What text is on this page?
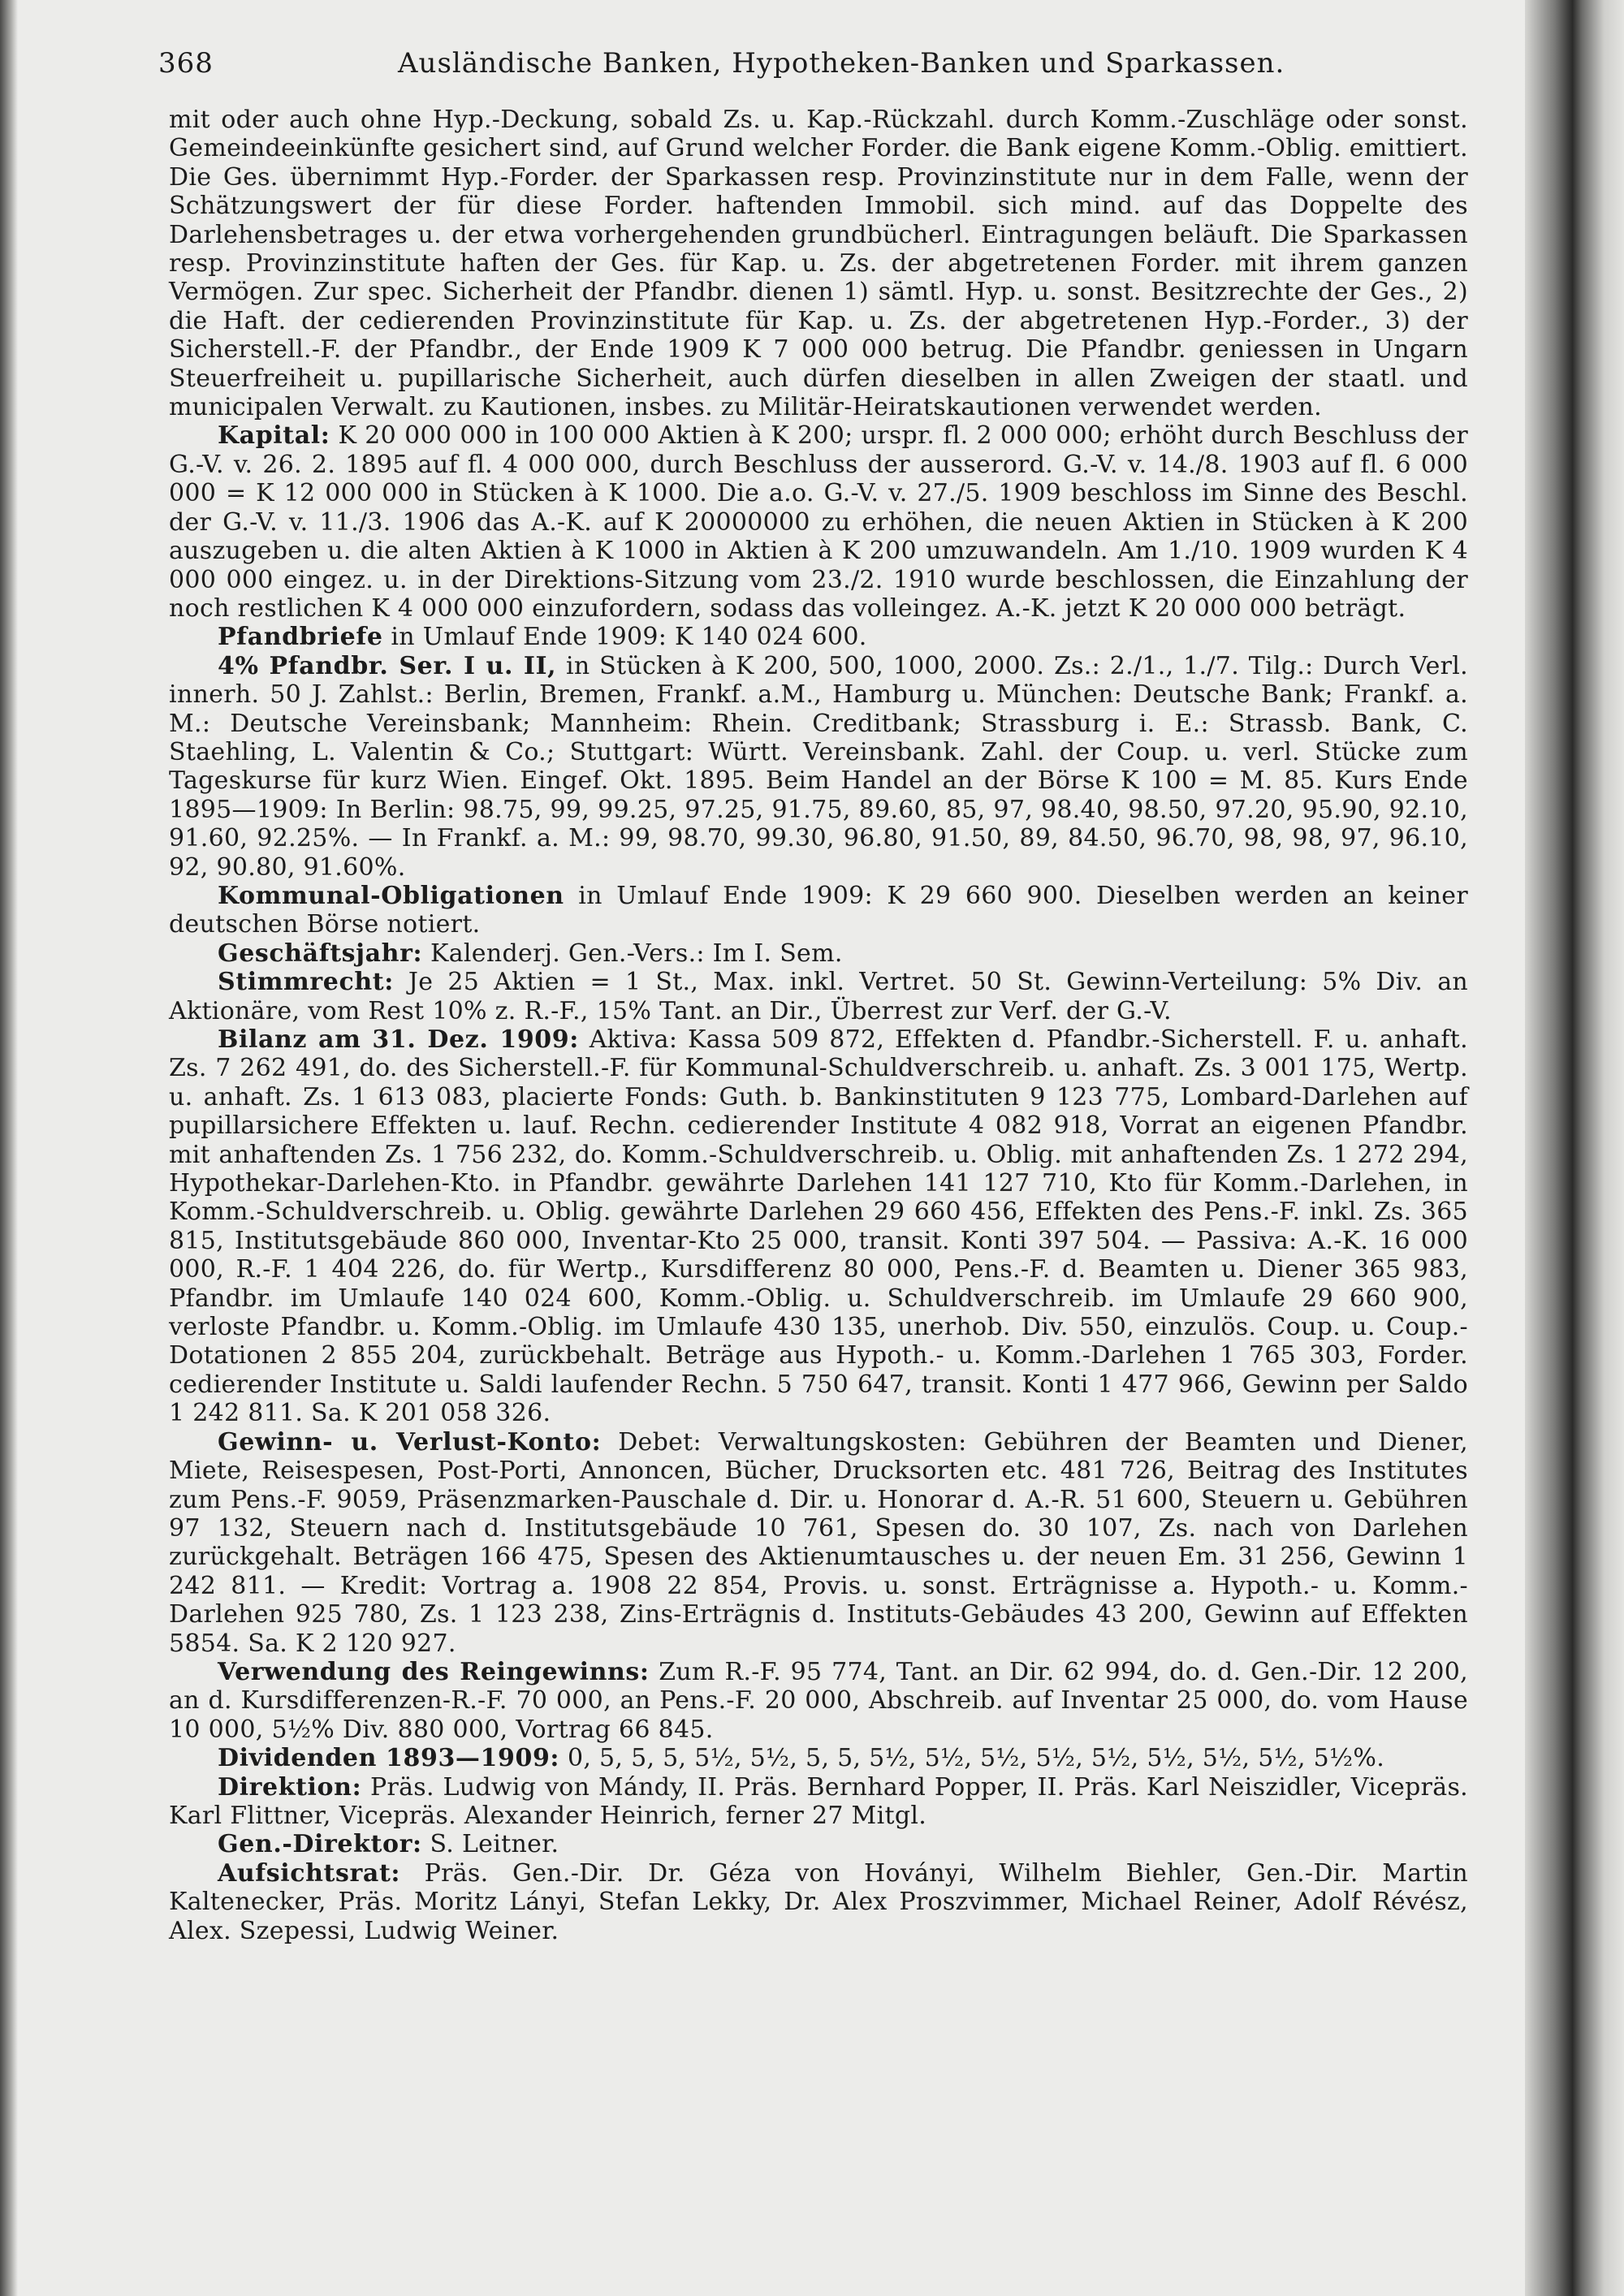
368	Ausländische Banken, Hypotheken-Banken und Sparkassen.

mit oder auch ohne Hyp.-Deckung, sobald Zs. u. Kap.-Rückzahl. durch Komm.-Zuschläge oder sonst. Gemeindeeinkünfte gesichert sind, auf Grund welcher Forder. die Bank eigene Komm.-Oblig. emittiert. Die Ges. übernimmt Hyp.-Forder. der Sparkassen resp. Provinzinstitute nur in dem Falle, wenn der Schätzungswert der für diese Forder. haftenden Immobil. sich mind. auf das Doppelte des Darlehensbetrages u. der etwa vorhergehenden grundbücherl. Eintragungen beläuft. Die Sparkassen resp. Provinzinstitute haften der Ges. für Kap. u. Zs. der abgetretenen Forder. mit ihrem ganzen Vermögen. Zur spec. Sicherheit der Pfandbr. dienen 1) sämtl. Hyp. u. sonst. Besitzrechte der Ges., 2) die Haft. der cedierenden Provinzinstitute für Kap. u. Zs. der abgetretenen Hyp.-Forder., 3) der Sicherstell.-F. der Pfandbr., der Ende 1909 K 7 000 000 betrug. Die Pfandbr. geniessen in Ungarn Steuerfreiheit u. pupillarische Sicherheit, auch dürfen dieselben in allen Zweigen der staatl. und municipalen Verwalt. zu Kautionen, insbes. zu Militär-Heiratskautionen verwendet werden.

Kapital: K 20 000 000 in 100 000 Aktien à K 200; urspr. fl. 2 000 000; erhöht durch Beschluss der G.-V. v. 26. 2. 1895 auf fl. 4 000 000, durch Beschluss der ausserord. G.-V. v. 14./8. 1903 auf fl. 6 000 000 = K 12 000 000 in Stücken à K 1000. Die a.o. G.-V. v. 27./5. 1909 beschloss im Sinne des Beschl. der G.-V. v. 11./3. 1906 das A.-K. auf K 20000000 zu erhöhen, die neuen Aktien in Stücken à K 200 auszugeben u. die alten Aktien à K 1000 in Aktien à K 200 umzuwandeln. Am 1./10. 1909 wurden K 4 000 000 eingez. u. in der Direktions-Sitzung vom 23./2. 1910 wurde beschlossen, die Einzahlung der noch restlichen K 4 000 000 einzufordern, sodass das volleingez. A.-K. jetzt K 20 000 000 beträgt.

Pfandbriefe in Umlauf Ende 1909: K 140 024 600.

4% Pfandbr. Ser. I u. II, in Stücken à K 200, 500, 1000, 2000. Zs.: 2./1., 1./7. Tilg.: Durch Verl. innerh. 50 J. Zahlst.: Berlin, Bremen, Frankf. a.M., Hamburg u. München: Deutsche Bank; Frankf. a. M.: Deutsche Vereinsbank; Mannheim: Rhein. Creditbank; Strassburg i. E.: Strassb. Bank, C. Staehling, L. Valentin & Co.; Stuttgart: Württ. Vereinsbank. Zahl. der Coup. u. verl. Stücke zum Tageskurse für kurz Wien. Eingef. Okt. 1895. Beim Handel an der Börse K 100 = M. 85. Kurs Ende 1895—1909: In Berlin: 98.75, 99, 99.25, 97.25, 91.75, 89.60, 85, 97, 98.40, 98.50, 97.20, 95.90, 92.10, 91.60, 92.25%. — In Frankf. a. M.: 99, 98.70, 99.30, 96.80, 91.50, 89, 84.50, 96.70, 98, 98, 97, 96.10, 92, 90.80, 91.60%.

Kommunal-Obligationen in Umlauf Ende 1909: K 29 660 900. Dieselben werden an keiner deutschen Börse notiert.

Geschäftsjahr: Kalenderj. Gen.-Vers.: Im I. Sem.

Stimmrecht: Je 25 Aktien = 1 St., Max. inkl. Vertret. 50 St. Gewinn-Verteilung: 5% Div. an Aktionäre, vom Rest 10% z. R.-F., 15% Tant. an Dir., Überrest zur Verf. der G.-V.

Bilanz am 31. Dez. 1909: Aktiva: Kassa 509 872, Effekten d. Pfandbr.-Sicherstell. F. u. anhaft. Zs. 7 262 491, do. des Sicherstell.-F. für Kommunal-Schuldverschreib. u. anhaft. Zs. 3 001 175, Wertp. u. anhaft. Zs. 1 613 083, placierte Fonds: Guth. b. Bankinstituten 9 123 775, Lombard-Darlehen auf pupillarsichere Effekten u. lauf. Rechn. cedierender Institute 4 082 918, Vorrat an eigenen Pfandbr. mit anhaftenden Zs. 1 756 232, do. Komm.-Schuldverschreib. u. Oblig. mit anhaftenden Zs. 1 272 294, Hypothekar-Darlehen-Kto. in Pfandbr. gewährte Darlehen 141 127 710, Kto für Komm.-Darlehen, in Komm.-Schuldverschreib. u. Oblig. gewährte Darlehen 29 660 456, Effekten des Pens.-F. inkl. Zs. 365 815, Institutsgebäude 860 000, Inventar-Kto 25 000, transit. Konti 397 504. — Passiva: A.-K. 16 000 000, R.-F. 1 404 226, do. für Wertp., Kursdifferenz 80 000, Pens.-F. d. Beamten u. Diener 365 983, Pfandbr. im Umlaufe 140 024 600, Komm.-Oblig. u. Schuldverschreib. im Umlaufe 29 660 900, verloste Pfandbr. u. Komm.-Oblig. im Umlaufe 430 135, unerhob. Div. 550, einzulös. Coup. u. Coup.-Dotationen 2 855 204, zurückbehalt. Beträge aus Hypoth.- u. Komm.-Darlehen 1 765 303, Forder. cedierender Institute u. Saldi laufender Rechn. 5 750 647, transit. Konti 1 477 966, Gewinn per Saldo 1 242 811. Sa. K 201 058 326.

Gewinn- u. Verlust-Konto: Debet: Verwaltungskosten: Gebühren der Beamten und Diener, Miete, Reisespesen, Post-Porti, Annoncen, Bücher, Drucksorten etc. 481 726, Beitrag des Institutes zum Pens.-F. 9059, Präsenzmarken-Pauschale d. Dir. u. Honorar d. A.-R. 51 600, Steuern u. Gebühren 97 132, Steuern nach d. Institutsgebäude 10 761, Spesen do. 30 107, Zs. nach von Darlehen zurückgehalt. Beträgen 166 475, Spesen des Aktienumtausches u. der neuen Em. 31 256, Gewinn 1 242 811. — Kredit: Vortrag a. 1908 22 854, Provis. u. sonst. Erträgnisse a. Hypoth.- u. Komm.-Darlehen 925 780, Zs. 1 123 238, Zins-Erträgnis d. Instituts-Gebäudes 43 200, Gewinn auf Effekten 5854. Sa. K 2 120 927.

Verwendung des Reingewinns: Zum R.-F. 95 774, Tant. an Dir. 62 994, do. d. Gen.-Dir. 12 200, an d. Kursdifferenzen-R.-F. 70 000, an Pens.-F. 20 000, Abschreib. auf Inventar 25 000, do. vom Hause 10 000, 5½% Div. 880 000, Vortrag 66 845.

Dividenden 1893—1909: 0, 5, 5, 5, 5½, 5½, 5, 5, 5½, 5½, 5½, 5½, 5½, 5½, 5½, 5½, 5½%.

Direktion: Präs. Ludwig von Mándy, II. Präs. Bernhard Popper, II. Präs. Karl Neiszidler, Vicepräs. Karl Flittner, Vicepräs. Alexander Heinrich, ferner 27 Mitgl.

Gen.-Direktor: S. Leitner.

Aufsichtsrat: Präs. Gen.-Dir. Dr. Géza von Hoványi, Wilhelm Biehler, Gen.-Dir. Martin Kaltenecker, Präs. Moritz Lányi, Stefan Lekky, Dr. Alex Proszvimmer, Michael Reiner, Adolf Révész, Alex. Szepessi, Ludwig Weiner.
